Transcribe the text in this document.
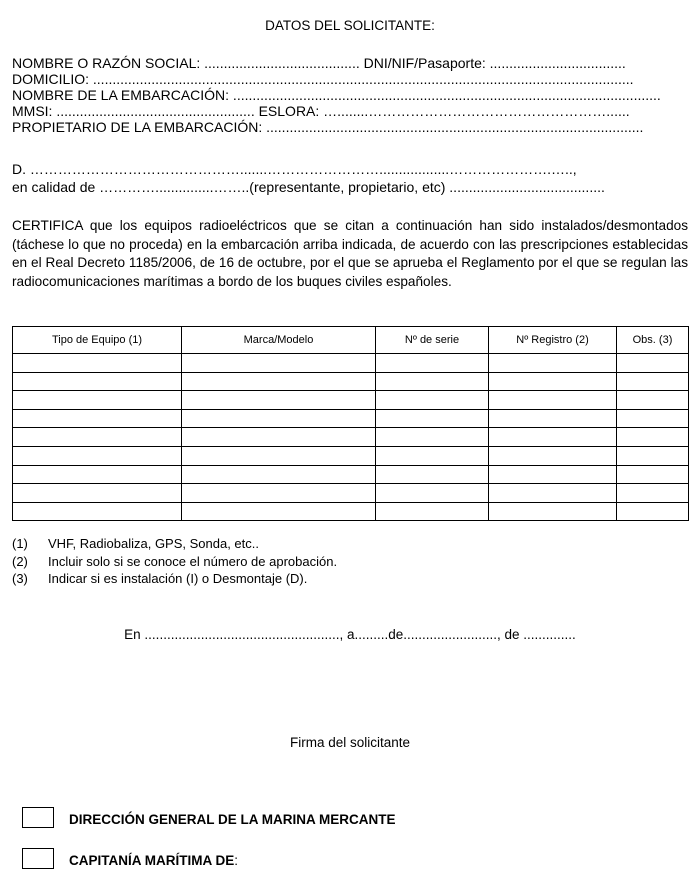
DATOS DEL SOLICITANTE:
NOMBRE O RAZÓN SOCIAL: ........................................ DNI/NIF/Pasaporte: ...................................
DOMICILIO: ...........................................................................................................................................
NOMBRE DE LA EMBARCACIÓN: ..............................................................................................................
MMSI: ................................................... ESLORA: …........……………………………………………......
PROPIETARIO DE LA EMBARCACIÓN: .................................................................................................
D. ……………………………………….......……………………..................………………….…..,
en calidad de …………...............……..(representante, propietario, etc) ........................................
CERTIFICA que los equipos radioeléctricos que se citan a continuación han sido instalados/desmontados (táchese lo que no proceda) en la embarcación arriba indicada, de acuerdo con las prescripciones establecidas en el Real Decreto 1185/2006, de 16 de octubre, por el que se aprueba el Reglamento por el que se regulan las radiocomunicaciones marítimas a bordo de los buques civiles españoles.
Tipo de Equipo (1)	Marca/Modelo	Nº de serie	Nº Registro (2)	Obs. (3)

(1) VHF, Radiobaliza, GPS, Sonda, etc..
(2) Incluir solo si se conoce el número de aprobación.
(3) Indicar si es instalación (I) o Desmontaje (D).
En ...................................................., a.........de........................., de ..............
Firma del solicitante
DIRECCIÓN GENERAL DE LA MARINA MERCANTE
CAPITANÍA MARÍTIMA DE:
